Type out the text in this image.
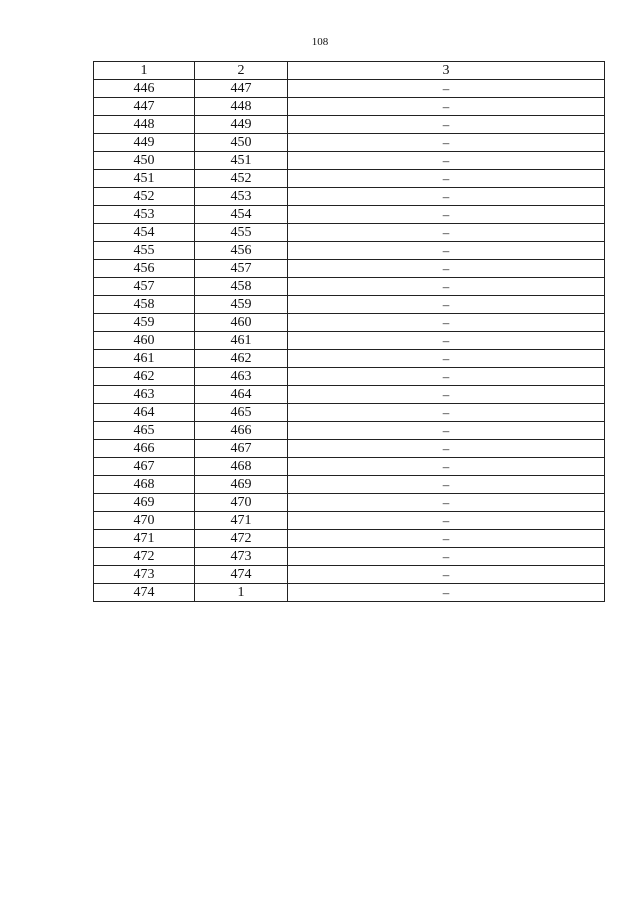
108
1	2	3
446	447	–
447	448	–
448	449	–
449	450	–
450	451	–
451	452	–
452	453	–
453	454	–
454	455	–
455	456	–
456	457	–
457	458	–
458	459	–
459	460	–
460	461	–
461	462	–
462	463	–
463	464	–
464	465	–
465	466	–
466	467	–
467	468	–
468	469	–
469	470	–
470	471	–
471	472	–
472	473	–
473	474	–
474	1	–
